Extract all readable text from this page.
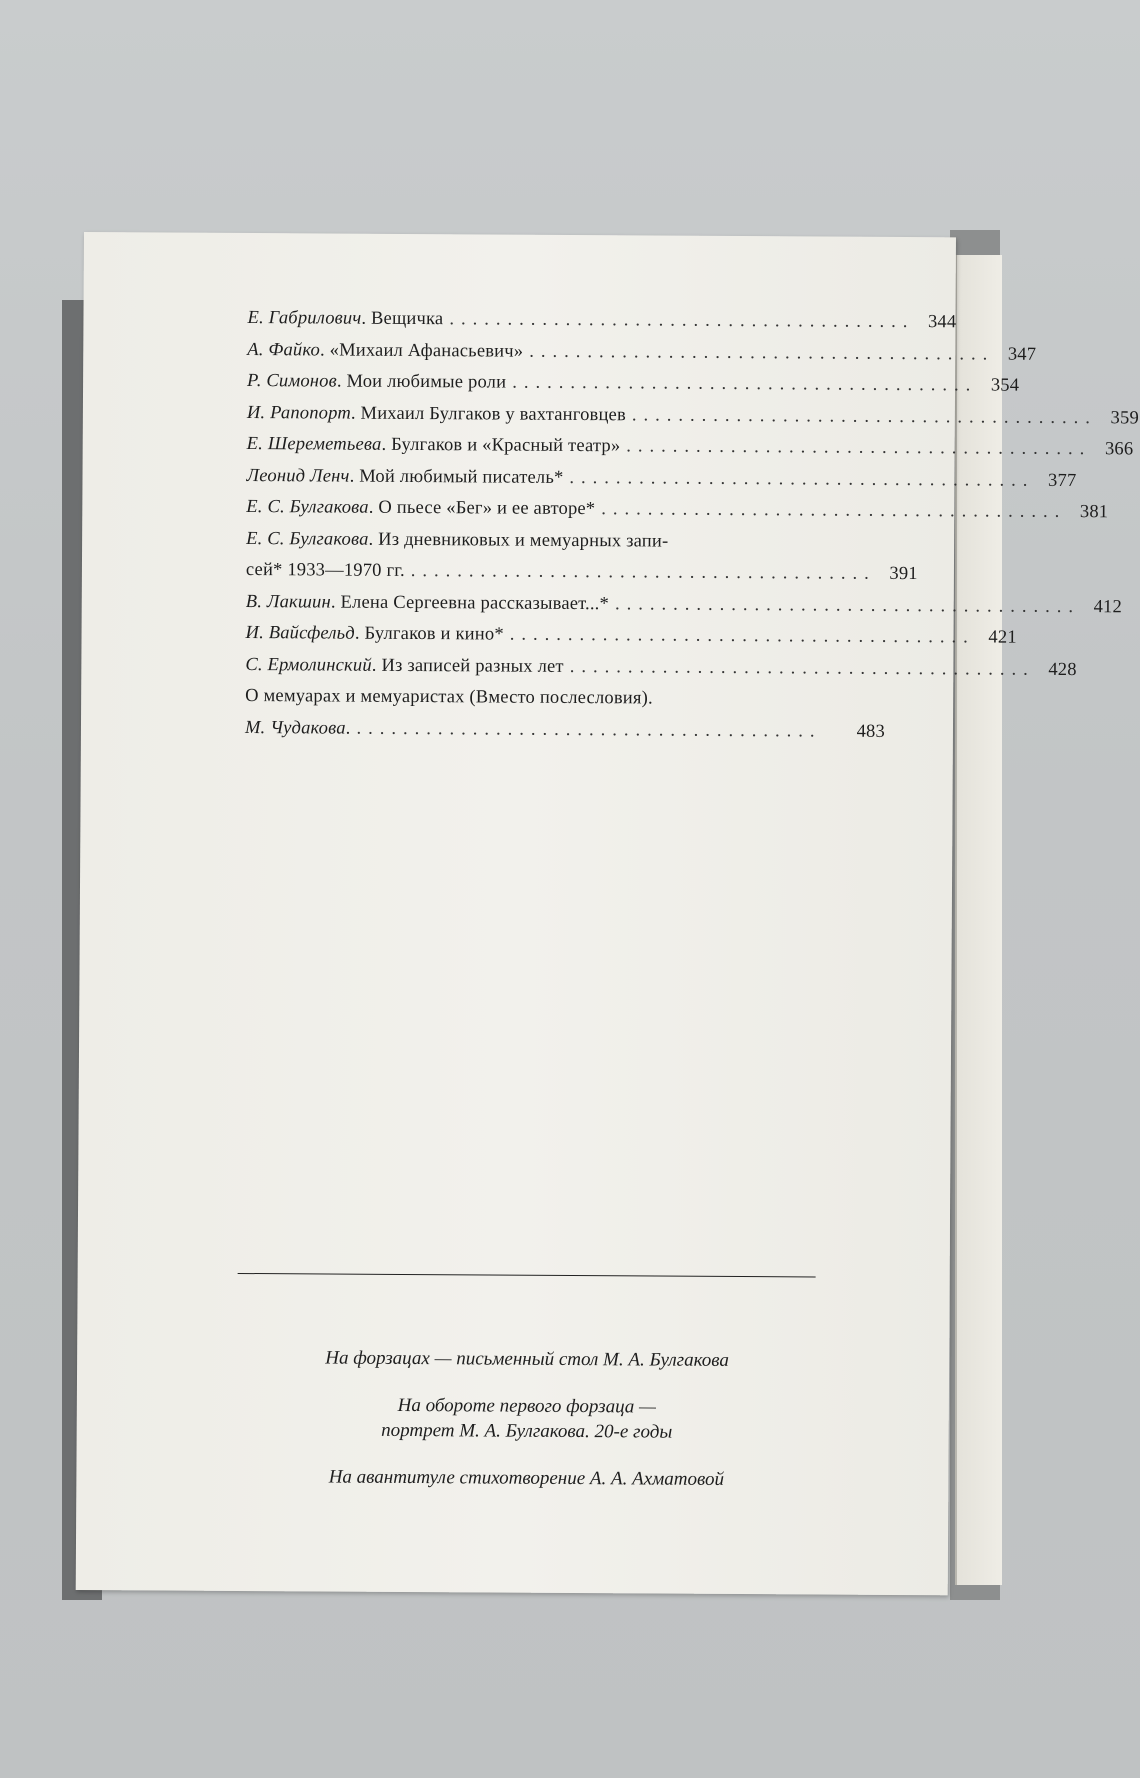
Е. Габрилович. Вещичка ........................................ 344
А. Файко. «Михаил Афанасьевич» ........................................ 347
Р. Симонов. Мои любимые роли ........................................ 354
И. Рапопорт. Михаил Булгаков у вахтанговцев ........................................ 359
Е. Шереметьева. Булгаков и «Красный театр» ........................................ 366
Леонид Ленч. Мой любимый писатель* ........................................ 377
Е. С. Булгакова. О пьесе «Бег» и ее авторе* ........................................ 381
Е. С. Булгакова. Из дневниковых и мемуарных запи-
сей* 1933—1970 гг. ........................................ 391
В. Лакшин. Елена Сергеевна рассказывает...* ........................................ 412
И. Вайсфельд. Булгаков и кино* ........................................ 421
С. Ермолинский. Из записей разных лет ........................................ 428
О мемуарах и мемуаристах (Вместо послесловия).
М. Чудакова. ........................................	483

На форзацах — письменный стол М. А. Булгакова

На обороте первого форзаца —
портрет М. А. Булгакова. 20-е годы

На авантитуле стихотворение А. А. Ахматовой
